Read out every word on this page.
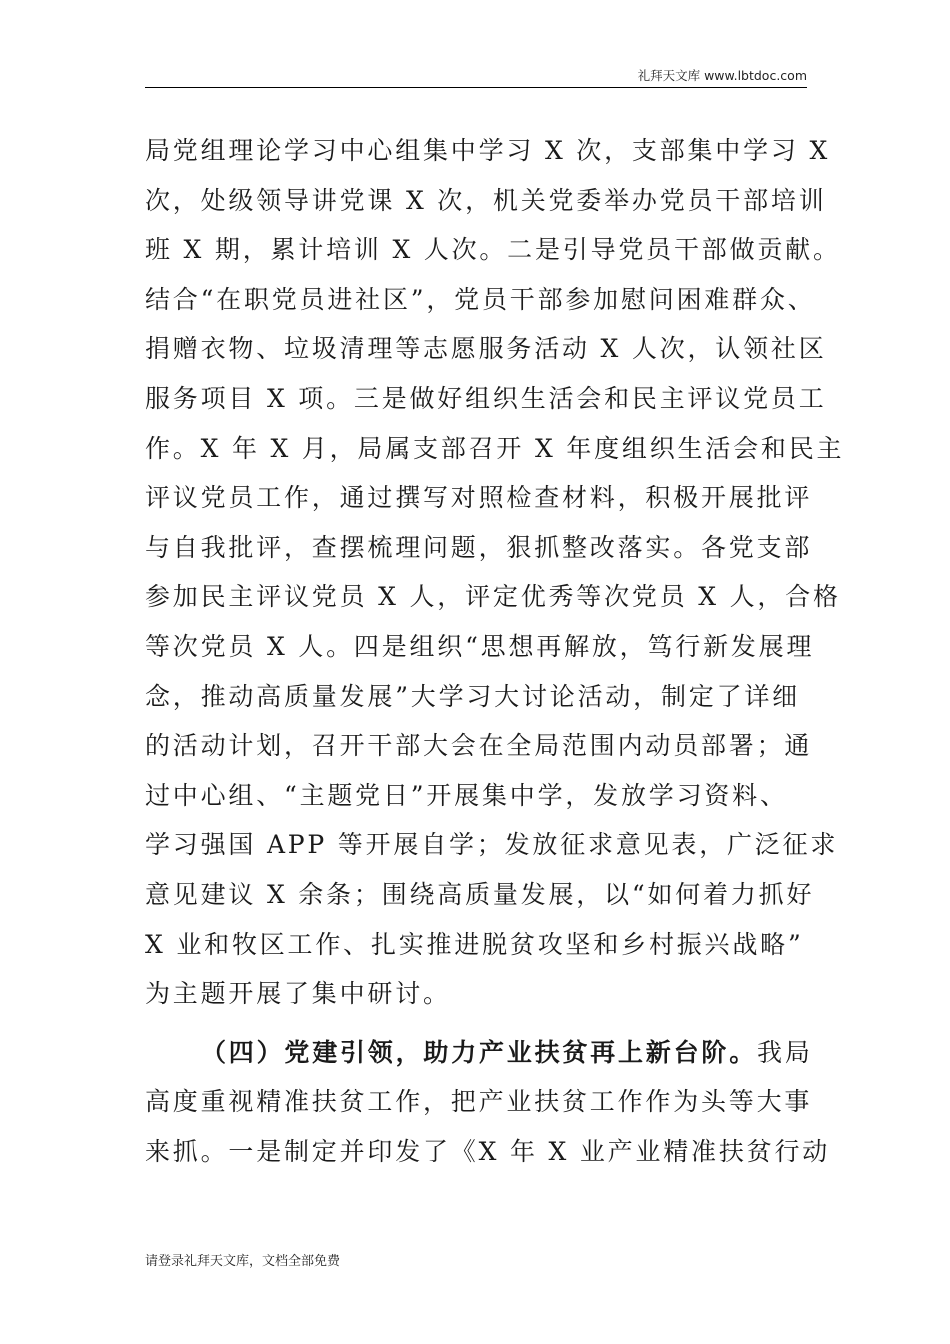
礼拜天文库 www.lbtdoc.com

局党组理论学习中心组集中学习 X 次，支部集中学习 X
次，处级领导讲党课 X 次，机关党委举办党员干部培训
班 X 期，累计培训 X 人次。二是引导党员干部做贡献。
结合“在职党员进社区”，党员干部参加慰问困难群众、
捐赠衣物、垃圾清理等志愿服务活动 X 人次，认领社区
服务项目 X 项。三是做好组织生活会和民主评议党员工
作。X 年 X 月，局属支部召开 X 年度组织生活会和民主
评议党员工作，通过撰写对照检查材料，积极开展批评
与自我批评，查摆梳理问题，狠抓整改落实。各党支部
参加民主评议党员 X 人，评定优秀等次党员 X 人，合格
等次党员 X 人。四是组织“思想再解放，笃行新发展理
念，推动高质量发展”大学习大讨论活动，制定了详细
的活动计划，召开干部大会在全局范围内动员部署；通
过中心组、“主题党日”开展集中学，发放学习资料、
学习强国 APP 等开展自学；发放征求意见表，广泛征求
意见建议 X 余条；围绕高质量发展，以“如何着力抓好
X 业和牧区工作、扎实推进脱贫攻坚和乡村振兴战略”
为主题开展了集中研讨。

（四）党建引领，助力产业扶贫再上新台阶。我局
高度重视精准扶贫工作，把产业扶贫工作作为头等大事
来抓。一是制定并印发了《X 年 X 业产业精准扶贫行动

请登录礼拜天文库，文档全部免费
